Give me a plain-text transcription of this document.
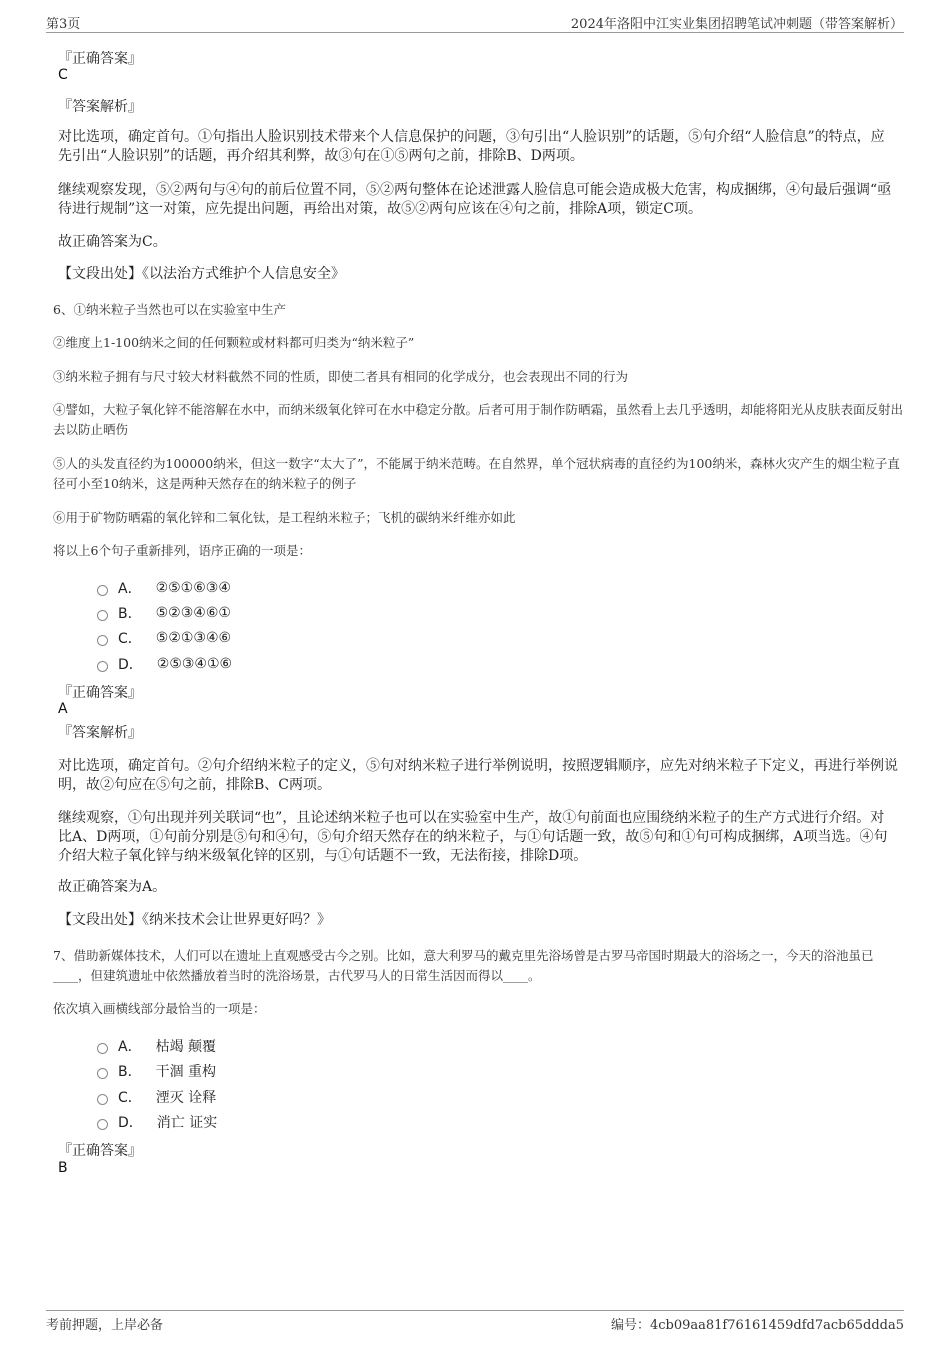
第3页	2024年洛阳中江实业集团招聘笔试冲刺题（带答案解析）
『正确答案』
C
『答案解析』
对比选项，确定首句。①句指出人脸识别技术带来个人信息保护的问题，③句引出“人脸识别”的话题，⑤句介绍“人脸信息”的特点，应先引出“人脸识别”的话题，再介绍其利弊，故③句在①⑤两句之前，排除B、D两项。
继续观察发现，⑤②两句与④句的前后位置不同，⑤②两句整体在论述泄露人脸信息可能会造成极大危害，构成捆绑，④句最后强调“亟待进行规制”这一对策，应先提出问题，再给出对策，故⑤②两句应该在④句之前，排除A项，锁定C项。
故正确答案为C。
【文段出处】《以法治方式维护个人信息安全》
6、①纳米粒子当然也可以在实验室中生产
②维度上1-100纳米之间的任何颗粒或材料都可归类为“纳米粒子”
③纳米粒子拥有与尺寸较大材料截然不同的性质，即使二者具有相同的化学成分，也会表现出不同的行为
④譬如，大粒子氧化锌不能溶解在水中，而纳米级氧化锌可在水中稳定分散。后者可用于制作防晒霜，虽然看上去几乎透明，却能将阳光从皮肤表面反射出去以防止晒伤
⑤人的头发直径约为100000纳米，但这一数字“太大了”，不能属于纳米范畴。在自然界，单个冠状病毒的直径约为100纳米，森林火灾产生的烟尘粒子直径可小至10纳米，这是两种天然存在的纳米粒子的例子
⑥用于矿物防晒霜的氧化锌和二氧化钛，是工程纳米粒子；飞机的碳纳米纤维亦如此
将以上6个句子重新排列，语序正确的一项是：
A． ②⑤①⑥③④
B． ⑤②③④⑥①
C． ⑤②①③④⑥
D． ②⑤③④①⑥
『正确答案』
A
『答案解析』
对比选项，确定首句。②句介绍纳米粒子的定义，⑤句对纳米粒子进行举例说明，按照逻辑顺序，应先对纳米粒子下定义，再进行举例说明，故②句应在⑤句之前，排除B、C两项。
继续观察，①句出现并列关联词“也”，且论述纳米粒子也可以在实验室中生产，故①句前面也应围绕纳米粒子的生产方式进行介绍。对比A、D两项，①句前分别是⑤句和④句，⑤句介绍天然存在的纳米粒子，与①句话题一致，故⑤句和①句可构成捆绑，A项当选。④句介绍大粒子氧化锌与纳米级氧化锌的区别，与①句话题不一致，无法衔接，排除D项。
故正确答案为A。
【文段出处】《纳米技术会让世界更好吗？》
7、借助新媒体技术，人们可以在遗址上直观感受古今之别。比如，意大利罗马的戴克里先浴场曾是古罗马帝国时期最大的浴场之一，今天的浴池虽已____，但建筑遗址中依然播放着当时的洗浴场景，古代罗马人的日常生活因而得以____。
依次填入画横线部分最恰当的一项是：
A． 枯竭 颠覆
B． 干涸 重构
C． 湮灭 诠释
D． 消亡 证实
『正确答案』
B
考前押题，上岸必备	编号：4cb09aa81f76161459dfd7acb65ddda5
